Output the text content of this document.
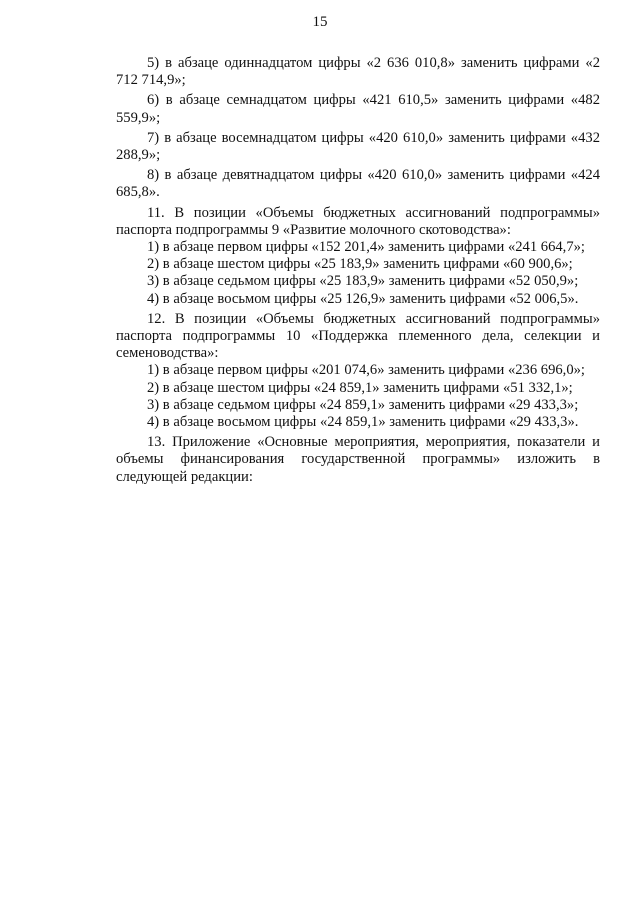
15

5) в абзаце одиннадцатом цифры «2 636 010,8» заменить цифрами «2 712 714,9»;

6) в абзаце семнадцатом цифры «421 610,5» заменить цифрами «482 559,9»;

7) в абзаце восемнадцатом цифры «420 610,0» заменить цифрами «432 288,9»;

8) в абзаце девятнадцатом цифры «420 610,0» заменить цифрами «424 685,8».

11. В позиции «Объемы бюджетных ассигнований подпрограммы» паспорта подпрограммы 9 «Развитие молочного скотоводства»:

1) в абзаце первом цифры «152 201,4» заменить цифрами «241 664,7»;

2) в абзаце шестом цифры «25 183,9» заменить цифрами «60 900,6»;

3) в абзаце седьмом цифры «25 183,9» заменить цифрами «52 050,9»;

4) в абзаце восьмом цифры «25 126,9» заменить цифрами «52 006,5».

12. В позиции «Объемы бюджетных ассигнований подпрограммы» паспорта подпрограммы 10 «Поддержка племенного дела, селекции и семеноводства»:

1) в абзаце первом цифры «201 074,6» заменить цифрами «236 696,0»;

2) в абзаце шестом цифры «24 859,1» заменить цифрами «51 332,1»;

3) в абзаце седьмом цифры «24 859,1» заменить цифрами «29 433,3»;

4) в абзаце восьмом цифры «24 859,1» заменить цифрами «29 433,3».

13. Приложение «Основные мероприятия, мероприятия, показатели и объемы финансирования государственной программы» изложить в следующей редакции:
